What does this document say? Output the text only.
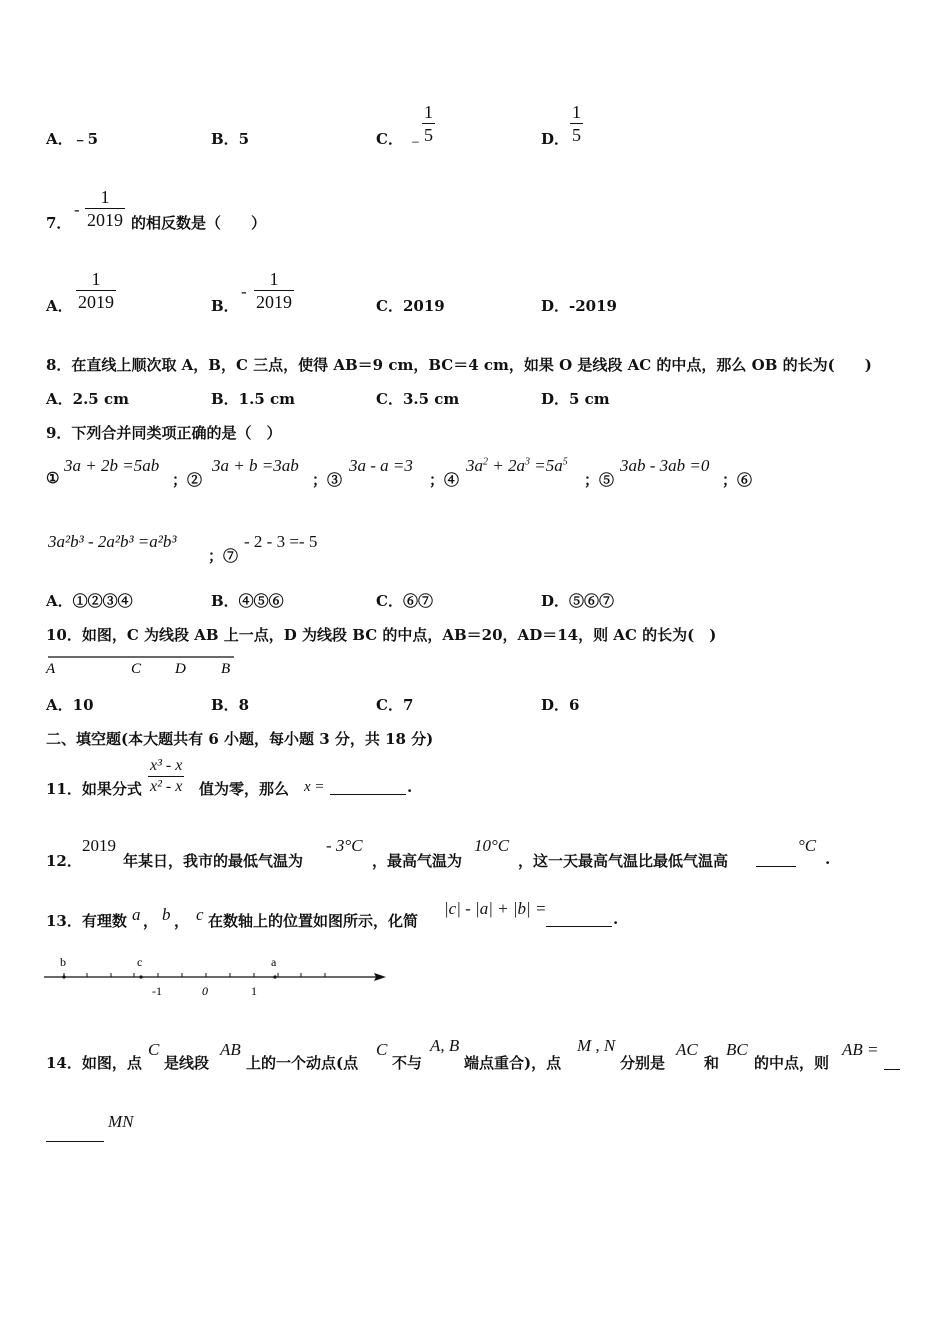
A．﹣5	B．5	C． ﹣
$\frac{1}{5}$	D． $\frac{1}{5}$
7．
- $\frac{1}{2019}$ 的相反数是（　　）
A． $\frac{1}{2019}$	B．
- $\frac{1}{2019}$	C．2019	D．-2019
8．在直线上顺次取 A，B，C 三点，使得 AB＝9 cm，BC＝4 cm，如果 O 是线段 AC 的中点，那么 OB 的长为(　　)
A．2.5 cm	B．1.5 cm	C．3.5 cm	D．5 cm
9．下列合并同类项正确的是（　）
①
3a + 2b =5ab
；②
3a + b =3ab
；③
3a - a =3
；④
$3a^2 + 2a^3 =5a^5$
；⑤
3ab - 3ab =0
；⑥
3a²b³ - 2a²b³ =a²b³
；⑦
- 2 - 3 =- 5
A．①②③④	B．④⑤⑥	C．⑥⑦	D．⑤⑥⑦
10．如图，C 为线段 AB 上一点，D 为线段 BC 的中点，AB＝20，AD＝14，则 AC 的长为(　)
A	C D B
A．10	B．8	C．7	D．6
二、填空题(本大题共有 6 小题，每小题 3 分，共 18 分)
11．如果分式 $\frac{\text{x³ - x}}{\text{x² - x}}$ 值为零，那么 x =	.
12．
2019
年某日，我市的最低气温为
- 3°C
，最高气温为
10°C
，这一天最高气温比最低气温高
°C
.
13．有理数 a ， b ， c 在数轴上的位置如图所示，化简
|c| - |a| + |b| =
.
b	c	a
-1	0	1
14．如图，点
C
是线段
AB
上的一个动点(点
C
不与
A, B
端点重合)，点
M , N
分别是
AC
和
BC
的中点，则
AB =
MN
